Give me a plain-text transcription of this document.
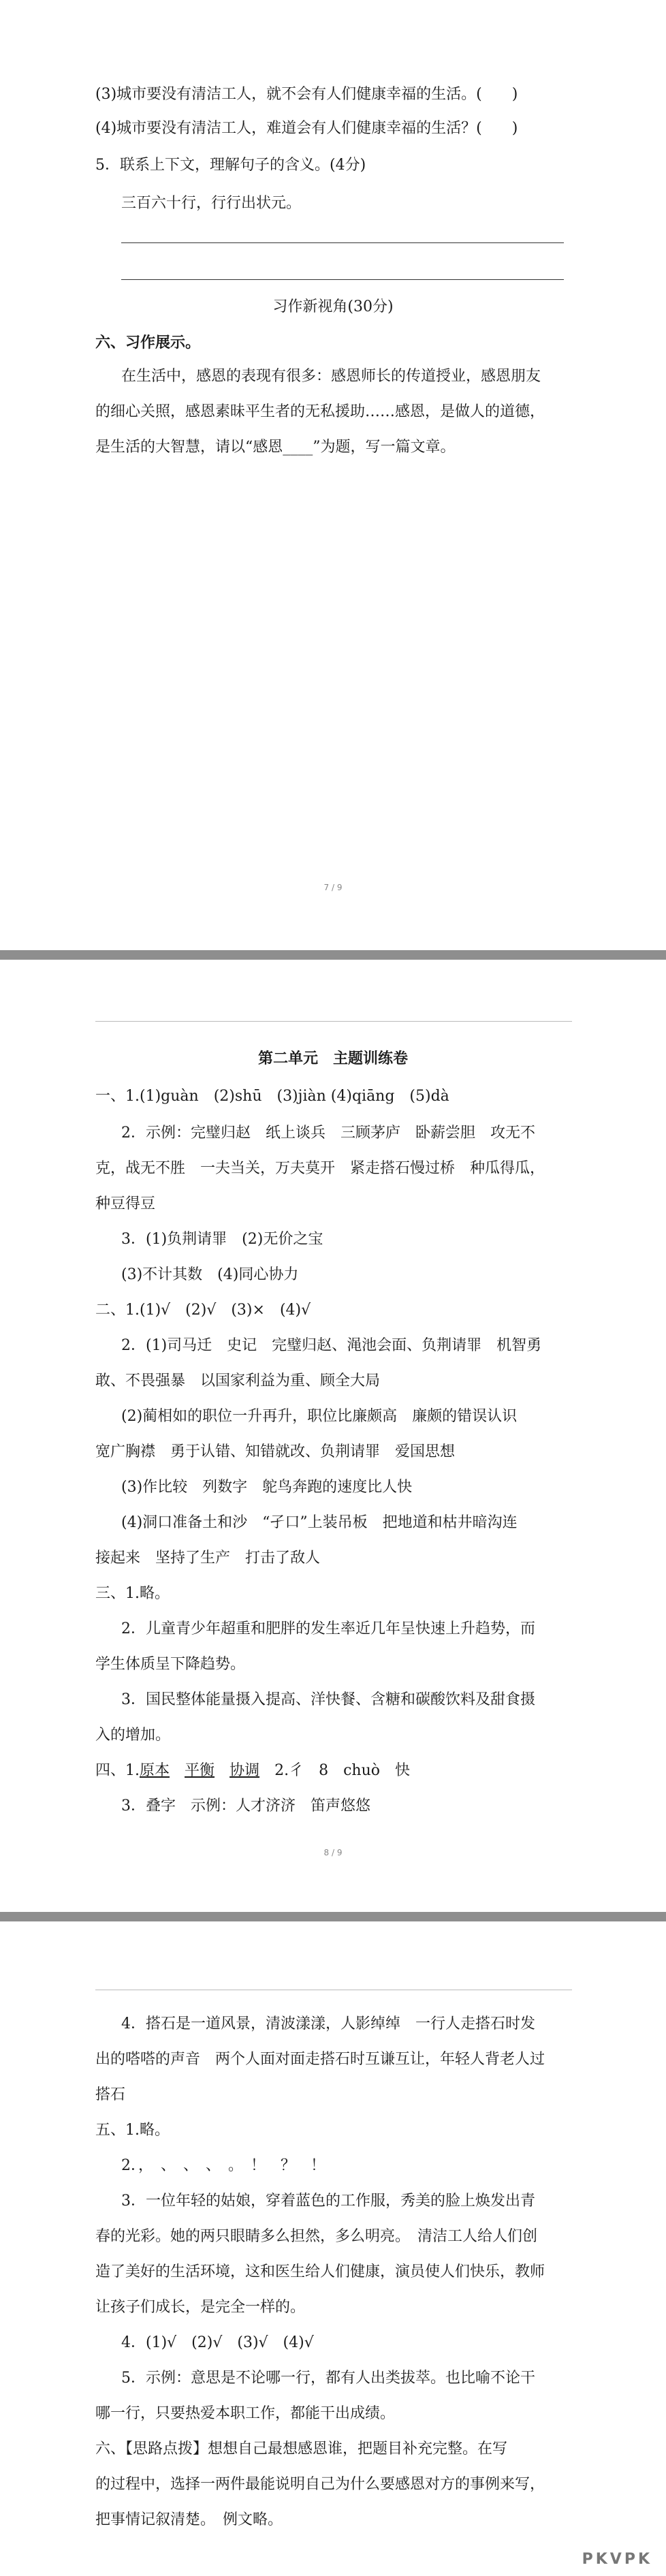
(3)城市要没有清洁工人，就不会有人们健康幸福的生活。(　　)
(4)城市要没有清洁工人，难道会有人们健康幸福的生活？(　　)
5．联系上下文，理解句子的含义。(4分)
三百六十行，行行出状元。
习作新视角(30分)
六、习作展示。
在生活中，感恩的表现有很多：感恩师长的传道授业，感恩朋友
的细心关照，感恩素昧平生者的无私援助……感恩，是做人的道德，
是生活的大智慧，请以“感恩____”为题，写一篇文章。
7 / 9
第二单元　主题训练卷
一、1.(1)guàn　(2)shū　(3)jiàn (4)qiāng　(5)dà
2．示例：完璧归赵　纸上谈兵　三顾茅庐　卧薪尝胆　攻无不
克，战无不胜　一夫当关，万夫莫开　紧走搭石慢过桥　种瓜得瓜，
种豆得豆
3．(1)负荆请罪　(2)无价之宝
(3)不计其数　(4)同心协力
二、1.(1)√　(2)√　(3)×　(4)√
2．(1)司马迁　史记　完璧归赵、渑池会面、负荆请罪　机智勇
敢、不畏强暴　以国家利益为重、顾全大局
(2)蔺相如的职位一升再升，职位比廉颇高　廉颇的错误认识
宽广胸襟　勇于认错、知错就改、负荆请罪　爱国思想
(3)作比较　列数字　鸵鸟奔跑的速度比人快
(4)洞口准备土和沙　“孑口”上装吊板　把地道和枯井暗沟连
接起来　坚持了生产　打击了敌人
三、1.略。
2．儿童青少年超重和肥胖的发生率近几年呈快速上升趋势，而
学生体质呈下降趋势。
3．国民整体能量摄入提高、洋快餐、含糖和碳酸饮料及甜食摄
入的增加。
四、1.原本　 平衡　 协调　 2.彳　8　chuò　快
3．叠字　示例：人才济济　笛声悠悠
8 / 9
4．搭石是一道风景，清波漾漾，人影绰绰　一行人走搭石时发
出的嗒嗒的声音　两个人面对面走搭石时互谦互让，年轻人背老人过
搭石
五、1.略。
2．，　、　、　、　。　！　？　！
3．一位年轻的姑娘，穿着蓝色的工作服，秀美的脸上焕发出青
春的光彩。她的两只眼睛多么担然，多么明亮。　清洁工人给人们创
造了美好的生活环境，这和医生给人们健康，演员使人们快乐，教师
让孩子们成长，是完全一样的。
4．(1)√　(2)√　(3)√　(4)√
5．示例：意思是不论哪一行，都有人出类拔萃。也比喻不论干
哪一行，只要热爱本职工作，都能干出成绩。
六、【思路点拨】想想自己最想感恩谁，把题目补充完整。在写
的过程中，选择一两件最能说明自己为什么要感恩对方的事例来写，
把事情记叙清楚。　例文略。
PKVPK
